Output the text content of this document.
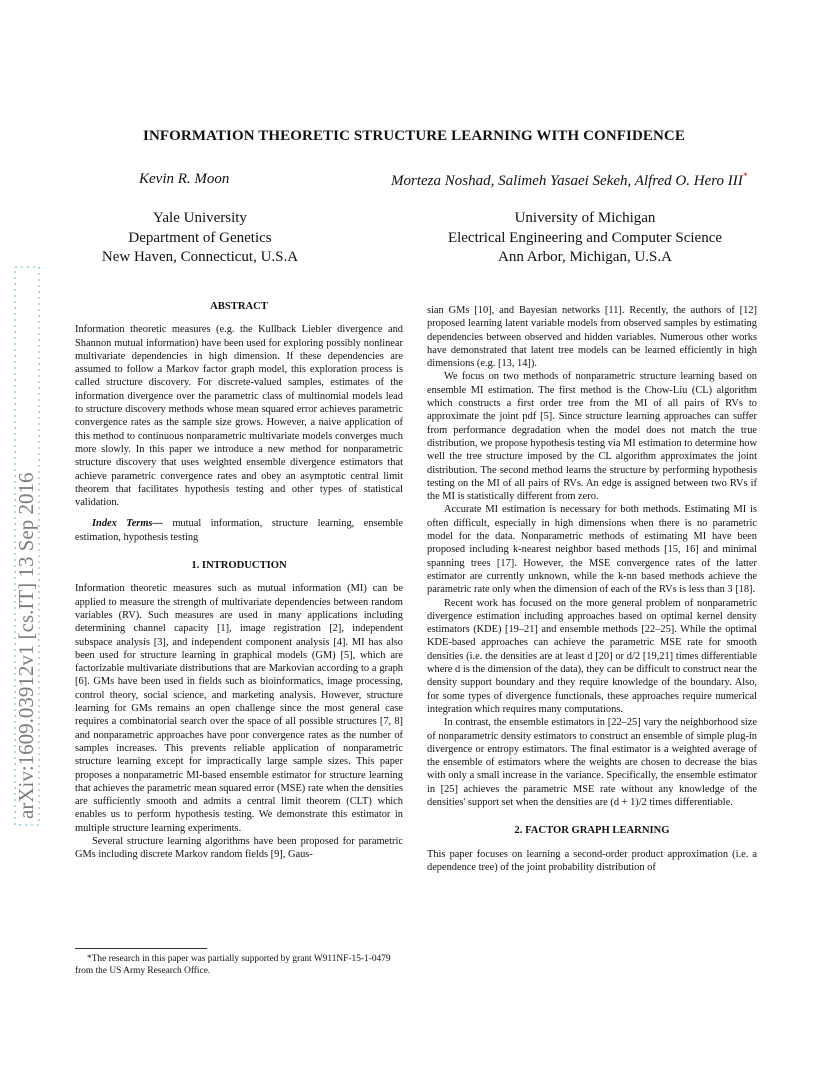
INFORMATION THEORETIC STRUCTURE LEARNING WITH CONFIDENCE
Kevin R. Moon	Morteza Noshad, Salimeh Yasaei Sekeh, Alfred O. Hero III*
Yale University
Department of Genetics
New Haven, Connecticut, U.S.A
University of Michigan
Electrical Engineering and Computer Science
Ann Arbor, Michigan, U.S.A
arXiv:1609.03912v1 [cs.IT] 13 Sep 2016
ABSTRACT

Information theoretic measures (e.g. the Kullback Liebler divergence and Shannon mutual information) have been used for exploring possibly nonlinear multivariate dependencies in high dimension. If these dependencies are assumed to follow a Markov factor graph model, this exploration process is called structure discovery. For discrete-valued samples, estimates of the information divergence over the parametric class of multinomial models lead to structure discovery methods whose mean squared error achieves parametric convergence rates as the sample size grows. However, a naive application of this method to continuous nonparametric multivariate models converges much more slowly. In this paper we introduce a new method for nonparametric structure discovery that uses weighted ensemble divergence estimators that achieve parametric convergence rates and obey an asymptotic central limit theorem that facilitates hypothesis testing and other types of statistical validation.

Index Terms— mutual information, structure learning, ensemble estimation, hypothesis testing

1. INTRODUCTION

Information theoretic measures such as mutual information (MI) can be applied to measure the strength of multivariate dependencies between random variables (RV). Such measures are used in many applications including determining channel capacity [1], image registration [2], independent subspace analysis [3], and independent component analysis [4]. MI has also been used for structure learning in graphical models (GM) [5], which are factorizable multivariate distributions that are Markovian according to a graph [6]. GMs have been used in fields such as bioinformatics, image processing, control theory, social science, and marketing analysis. However, structure learning for GMs remains an open challenge since the most general case requires a combinatorial search over the space of all possible structures [7, 8] and nonparametric approaches have poor convergence rates as the number of samples increases. This prevents reliable application of nonparametric structure learning except for impractically large sample sizes. This paper proposes a nonparametric MI-based ensemble estimator for structure learning that achieves the parametric mean squared error (MSE) rate when the densities are sufficiently smooth and admits a central limit theorem (CLT) which enables us to perform hypothesis testing. We demonstrate this estimator in multiple structure learning experiments.

Several structure learning algorithms have been proposed for parametric GMs including discrete Markov random fields [9], Gaus-

*The research in this paper was partially supported by grant W911NF-15-1-0479 from the US Army Research Office.

sian GMs [10], and Bayesian networks [11]. Recently, the authors of [12] proposed learning latent variable models from observed samples by estimating dependencies between observed and hidden variables. Numerous other works have demonstrated that latent tree models can be learned efficiently in high dimensions (e.g. [13, 14]).

We focus on two methods of nonparametric structure learning based on ensemble MI estimation. The first method is the Chow-Liu (CL) algorithm which constructs a first order tree from the MI of all pairs of RVs to approximate the joint pdf [5]. Since structure learning approaches can suffer from performance degradation when the model does not match the true distribution, we propose hypothesis testing via MI estimation to determine how well the tree structure imposed by the CL algorithm approximates the joint distribution. The second method learns the structure by performing hypothesis testing on the MI of all pairs of RVs. An edge is assigned between two RVs if the MI is statistically different from zero.

Accurate MI estimation is necessary for both methods. Estimating MI is often difficult, especially in high dimensions when there is no parametric model for the data. Nonparametric methods of estimating MI have been proposed including k-nearest neighbor based methods [15, 16] and minimal spanning trees [17]. However, the MSE convergence rates of the latter estimator are currently unknown, while the k-nn based methods achieve the parametric rate only when the dimension of each of the RVs is less than 3 [18].

Recent work has focused on the more general problem of nonparametric divergence estimation including approaches based on optimal kernel density estimators (KDE) [19–21] and ensemble methods [22–25]. While the optimal KDE-based approaches can achieve the parametric MSE rate for smooth densities (i.e. the densities are at least d [20] or d/2 [19,21] times differentiable where d is the dimension of the data), they can be difficult to construct near the density support boundary and they require knowledge of the boundary. Also, for some types of divergence functionals, these approaches require numerical integration which requires many computations.

In contrast, the ensemble estimators in [22–25] vary the neighborhood size of nonparametric density estimators to construct an ensemble of simple plug-in divergence or entropy estimators. The final estimator is a weighted average of the ensemble of estimators where the weights are chosen to decrease the bias with only a small increase in the variance. Specifically, the ensemble estimator in [25] achieves the parametric MSE rate without any knowledge of the densities' support set when the densities are (d + 1)/2 times differentiable.

2. FACTOR GRAPH LEARNING

This paper focuses on learning a second-order product approximation (i.e. a dependence tree) of the joint probability distribution of
